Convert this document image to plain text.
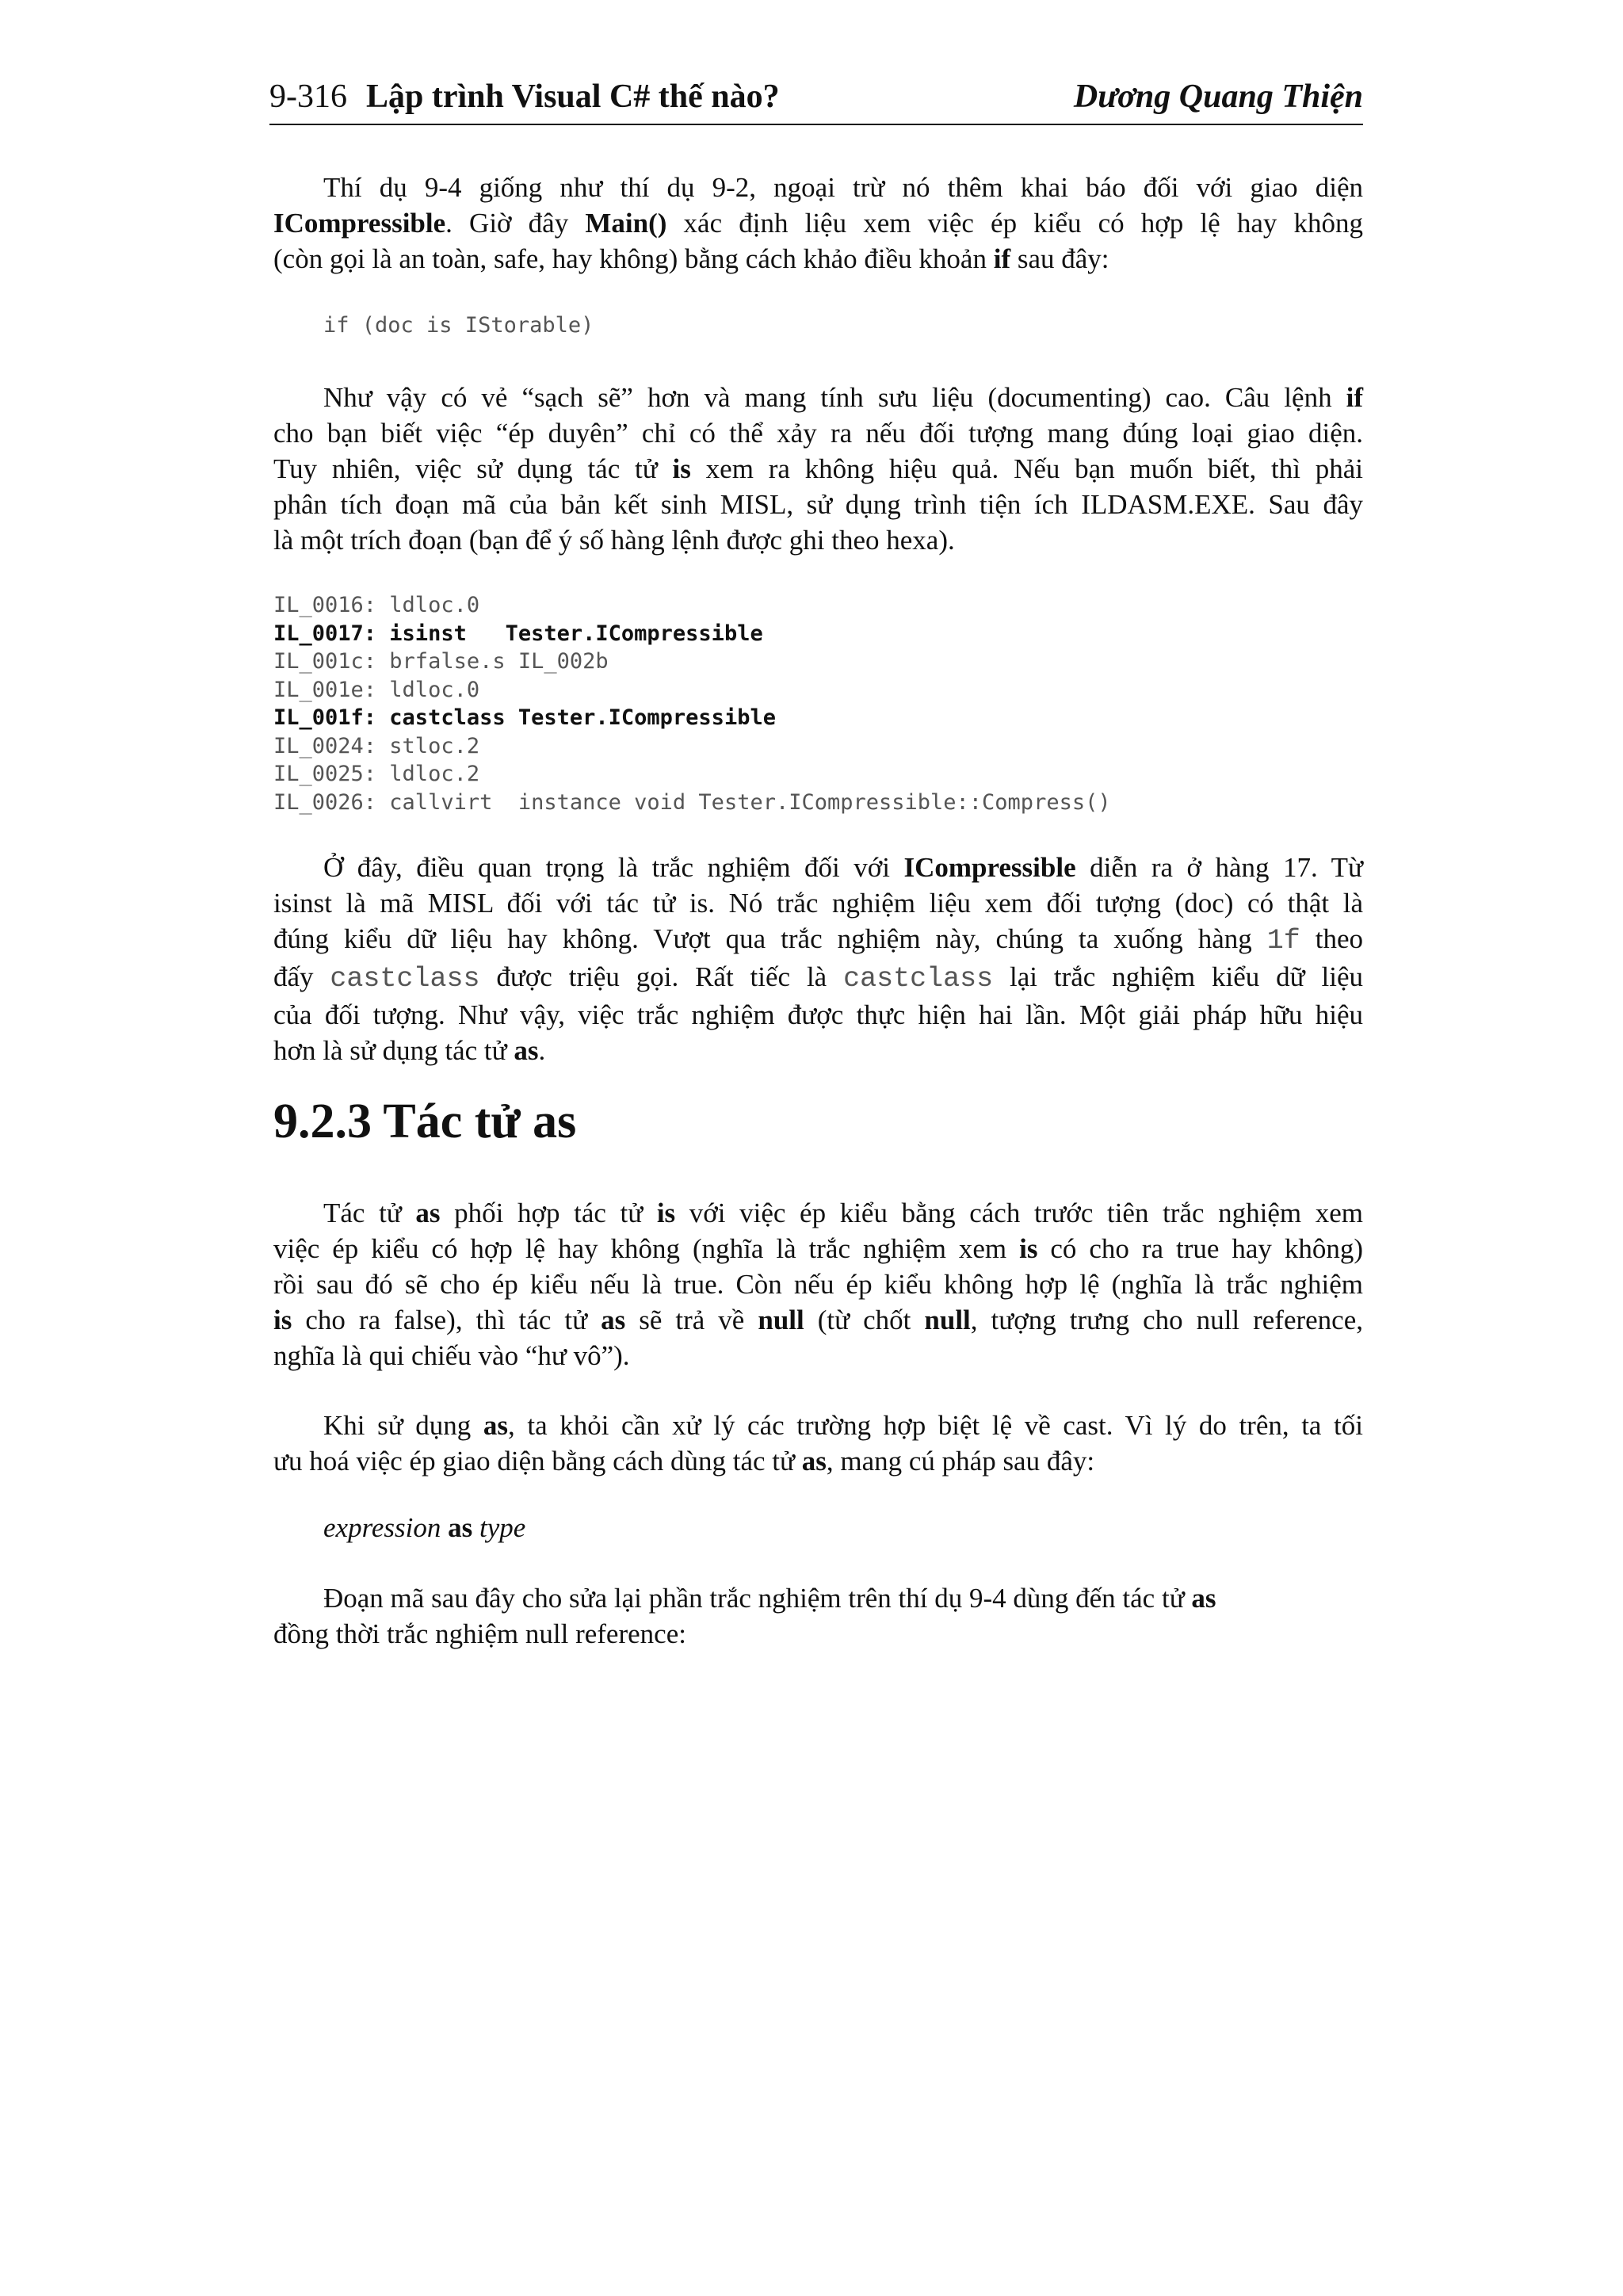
9-316 Lập trình Visual C# thế nào?	Dương Quang Thiện
Thí dụ 9-4 giống như thí dụ 9-2, ngoại trừ nó thêm khai báo đối với giao diện
ICompressible. Giờ đây Main() xác định liệu xem việc ép kiểu có hợp lệ hay không
(còn gọi là an toàn, safe, hay không) bằng cách khảo điều khoản if sau đây:
if (doc is IStorable)
Như vậy có vẻ “sạch sẽ” hơn và mang tính sưu liệu (documenting) cao. Câu lệnh if
cho bạn biết việc “ép duyên” chỉ có thể xảy ra nếu đối tượng mang đúng loại giao diện.
Tuy nhiên, việc sử dụng tác tử is xem ra không hiệu quả. Nếu bạn muốn biết, thì phải
phân tích đoạn mã của bản kết sinh MISL, sử dụng trình tiện ích ILDASM.EXE. Sau đây
là một trích đoạn (bạn để ý số hàng lệnh được ghi theo hexa).
IL_0016: ldloc.0
IL_0017: isinst   Tester.ICompressible
IL_001c: brfalse.s IL_002b
IL_001e: ldloc.0
IL_001f: castclass Tester.ICompressible
IL_0024: stloc.2
IL_0025: ldloc.2
IL_0026: callvirt  instance void Tester.ICompressible::Compress()
Ở đây, điều quan trọng là trắc nghiệm đối với ICompressible diễn ra ở hàng 17. Từ
isinst là mã MISL đối với tác tử is. Nó trắc nghiệm liệu xem đối tượng (doc) có thật là
đúng kiểu dữ liệu hay không. Vượt qua trắc nghiệm này, chúng ta xuống hàng 1f theo
đấy castclass được triệu gọi. Rất tiếc là castclass lại trắc nghiệm kiểu dữ liệu
của đối tượng. Như vậy, việc trắc nghiệm được thực hiện hai lần. Một giải pháp hữu hiệu
hơn là sử dụng tác tử as.
9.2.3 Tác tử as
Tác tử as phối hợp tác tử is với việc ép kiểu bằng cách trước tiên trắc nghiệm xem
việc ép kiểu có hợp lệ hay không (nghĩa là trắc nghiệm xem is có cho ra true hay không)
rồi sau đó sẽ cho ép kiểu nếu là true. Còn nếu ép kiểu không hợp lệ (nghĩa là trắc nghiệm
is cho ra false), thì tác tử as sẽ trả về null (từ chốt null, tượng trưng cho null reference,
nghĩa là qui chiếu vào “hư vô”).
Khi sử dụng as, ta khỏi cần xử lý các trường hợp biệt lệ về cast. Vì lý do trên, ta tối
ưu hoá việc ép giao diện bằng cách dùng tác tử as, mang cú pháp sau đây:
expression as type
Đoạn mã sau đây cho sửa lại phần trắc nghiệm trên thí dụ 9-4 dùng đến tác tử as
đồng thời trắc nghiệm null reference:
